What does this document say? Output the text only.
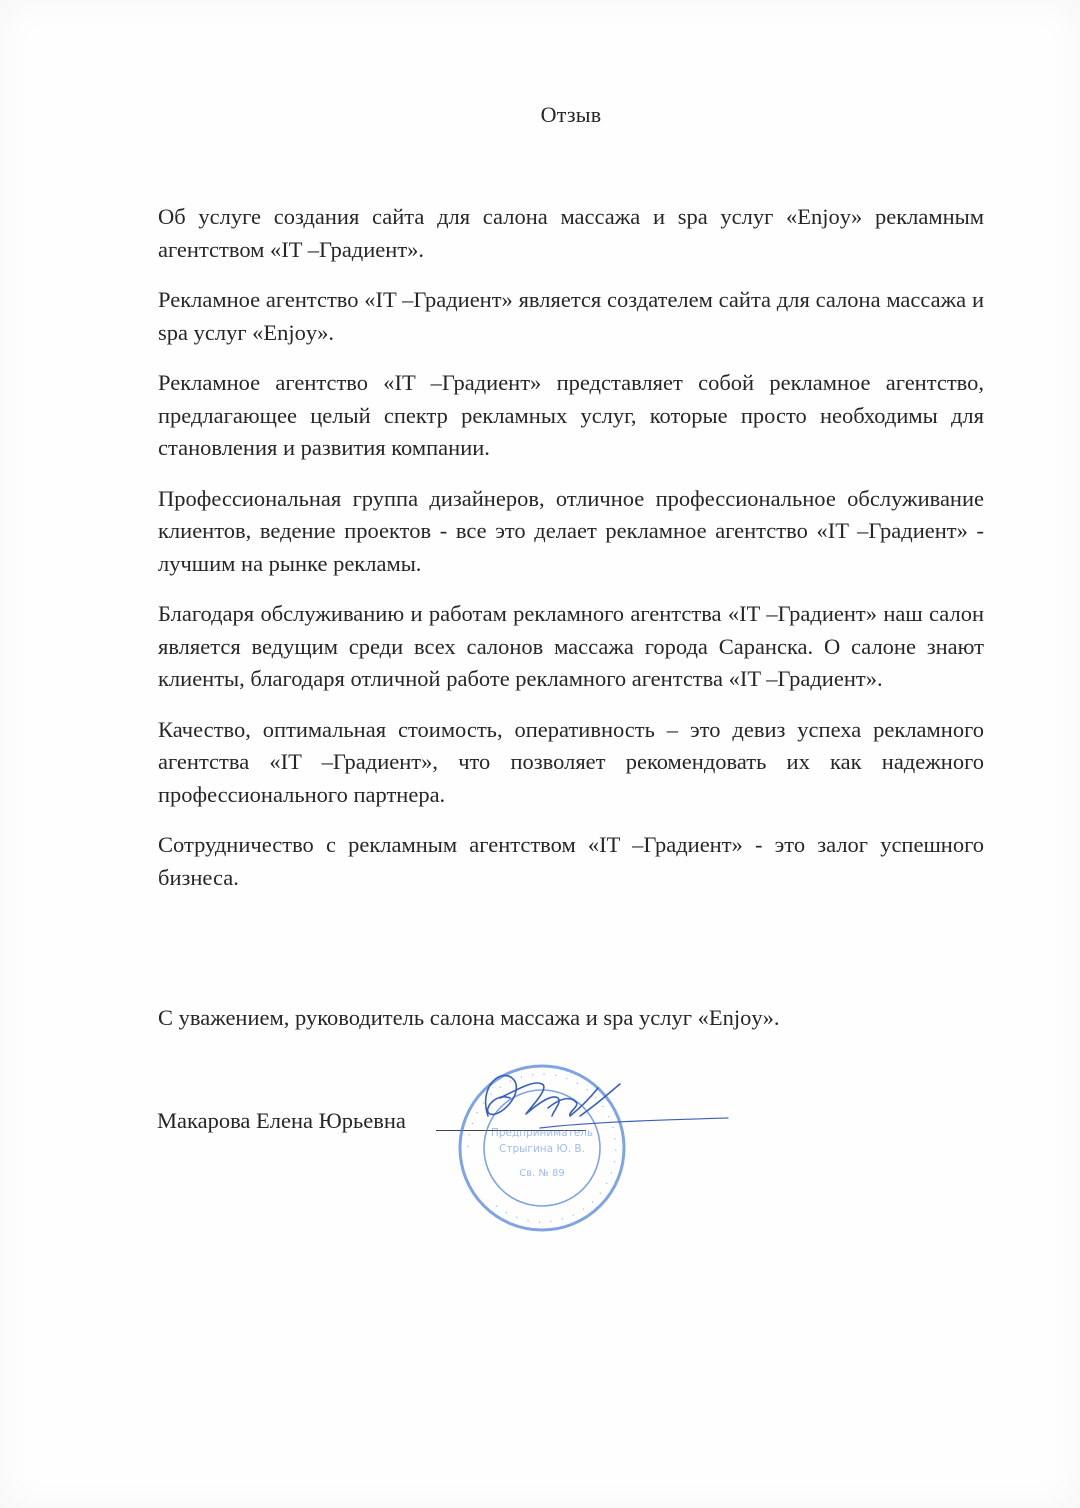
Отзыв

Об услуге создания сайта для салона массажа и spa услуг «Enjoy» рекламным агентством «IT –Градиент».

Рекламное агентство «IT –Градиент» является создателем сайта для салона массажа и spa услуг «Enjoy».

Рекламное агентство «IT –Градиент» представляет собой рекламное агентство, предлагающее целый спектр рекламных услуг, которые просто необходимы для становления и развития компании.

Профессиональная группа дизайнеров, отличное профессиональное обслуживание клиентов, ведение проектов - все это делает рекламное агентство «IT –Градиент» - лучшим на рынке рекламы.

Благодаря обслуживанию и работам рекламного агентства «IT –Градиент» наш салон является ведущим среди всех салонов массажа города Саранска. О салоне знают клиенты, благодаря отличной работе рекламного агентства «IT –Градиент».

Качество, оптимальная стоимость, оперативность – это девиз успеха рекламного агентства «IT –Градиент», что позволяет рекомендовать их как надежного профессионального партнера.

Сотрудничество с рекламным агентством «IT –Градиент» - это залог успешного бизнеса.

С уважением, руководитель салона массажа и spa услуг «Enjoy».
Макарова Елена Юрьевна
· · · · · · · · · · · · · · · · · · · · · · · · · · · · · · · · · · ·
Предприниматель
Стрыгина Ю. В.
Св. № 89
